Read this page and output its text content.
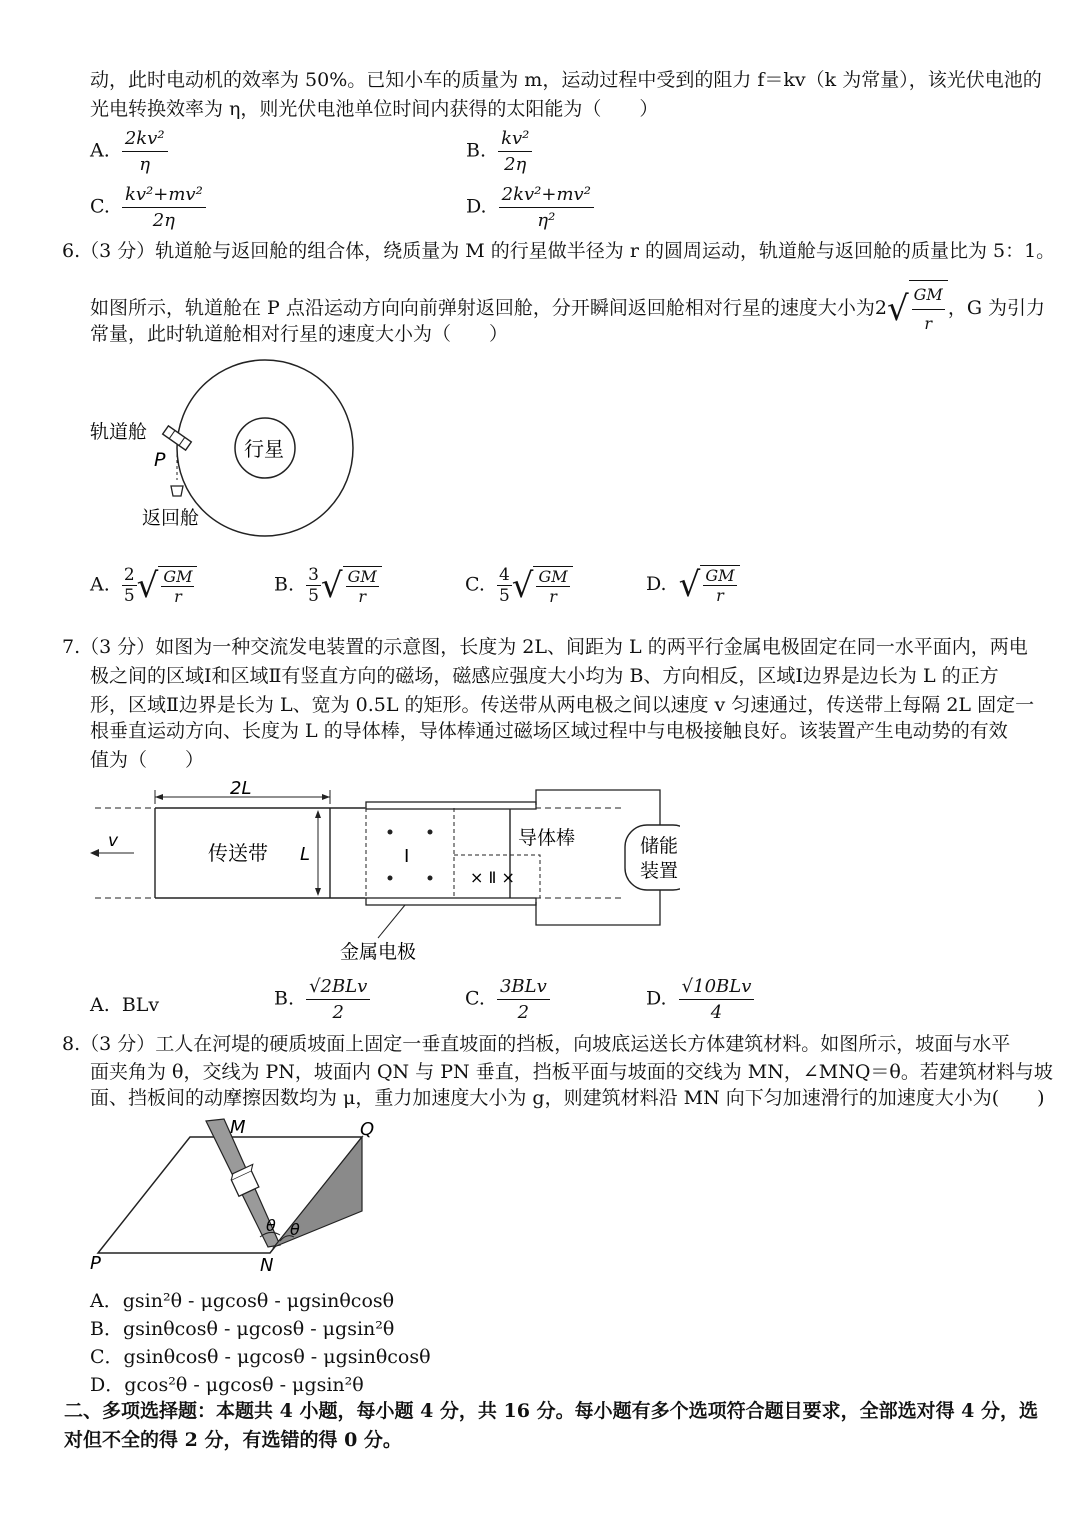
动，此时电动机的效率为 50%。已知小车的质量为 m，运动过程中受到的阻力 f＝kv（k 为常量），该光伏电池的
光电转换效率为 η，则光伏电池单位时间内获得的太阳能为（　　）
A. $\frac{\text{2kv²}}{\eta}$	B. $\frac{\text{kv²}}{2\eta}$
C. $\frac{\text{kv²+mv²}}{2\eta}$	D. $\frac{\text{2kv²+mv²}}{\text{η²}}$
6.（3 分）轨道舱与返回舱的组合体，绕质量为 M 的行星做半径为 r 的圆周运动，轨道舱与返回舱的质量比为 5：1。
如图所示，轨道舱在 P 点沿运动方向向前弹射返回舱，分开瞬间返回舱相对行星的速度大小为$2√ \frac{GM}{r}$ ，G 为引力
常量，此时轨道舱相对行星的速度大小为（　　）
行星
轨道舱
P
返回舱
A. $\frac{2}{5}$ √ $\frac{GM}{r}$	B. $\frac{3}{5}$ √ $\frac{GM}{r}$	C. $\frac{4}{5}$ √ $\frac{GM}{r}$	D. √ $\frac{GM}{r}$
7.（3 分）如图为一种交流发电装置的示意图，长度为 2L、间距为 L 的两平行金属电极固定在同一水平面内，两电
极之间的区域Ⅰ和区域Ⅱ有竖直方向的磁场，磁感应强度大小均为 B、方向相反，区域Ⅰ边界是边长为 L 的正方
形，区域Ⅱ边界是长为 L、宽为 0.5L 的矩形。传送带从两电极之间以速度 v 匀速通过，传送带上每隔 2L 固定一
根垂直运动方向、长度为 L 的导体棒，导体棒通过磁场区域过程中与电极接触良好。该装置产生电动势的有效
值为（　　）
2L
v	传送带 L	Ⅰ
× Ⅱ ×
储能
装置
导体棒
金属电极
A. BLv	B. $\frac{\text{√2BLv}}{2}$	C. $\frac{\text{3BLv}}{2}$	D. $\frac{\text{√10BLv}}{4}$
8.（3 分）工人在河堤的硬质坡面上固定一垂直坡面的挡板，向坡底运送长方体建筑材料。如图所示，坡面与水平
面夹角为 θ，交线为 PN，坡面内 QN 与 PN 垂直，挡板平面与坡面的交线为 MN，∠MNQ＝θ。若建筑材料与坡
面、挡板间的动摩擦因数均为 μ，重力加速度大小为 g，则建筑材料沿 MN 向下匀加速滑行的加速度大小为(　　)
M	Q
P	N
θ θ
A．gsin²θ - μgcosθ - μgsinθcosθ
B．gsinθcosθ - μgcosθ - μgsin²θ
C．gsinθcosθ - μgcosθ - μgsinθcosθ
D．gcos²θ - μgcosθ - μgsin²θ
二、多项选择题：本题共 4 小题，每小题 4 分，共 16 分。每小题有多个选项符合题目要求，全部选对得 4 分，选
对但不全的得 2 分，有选错的得 0 分。
